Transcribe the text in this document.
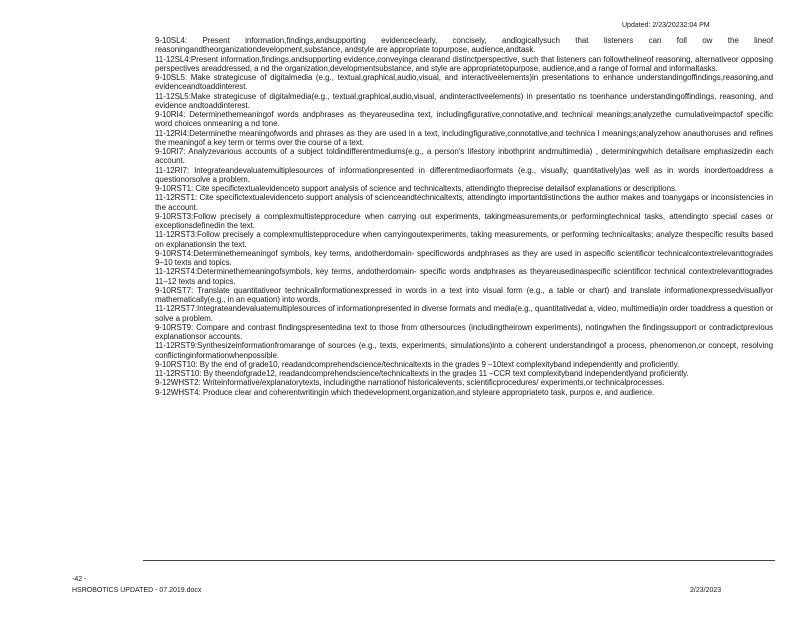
Updated: 2/23/20232:04 PM

9-10SL4: Present information,findings,andsupporting evidenceclearly, concisely, andlogicallysuch that listeners can foll ow the lineof reasoningandtheorganizationdevelopment,substance, andstyle are appropriate topurpose, audience,andtask.

11-12SL4:Present information,findings,andsupporting evidence,conveyinga clearand distinctperspective, such that listeners can followthelineof reasoning, alternativeor opposing perspectives areaddressed, a nd the organization,developmentsubstance, and style are appropriatetopurpose, audience,and a range of formal and informaltasks.

9-10SL5: Make strategicuse of digitalmedia (e.g., textual,graphical,audio,visual, and interactiveelements)in presentations to enhance understandingoffindings,reasoning,and evidenceandtoaddinterest.

11-12SL5:Make strategicuse of digitalmedia(e.g., textual,graphical,audio,visual, andinteractiveelements) in presentatio ns toenhance understandingoffindings, reasoning, and evidence andtoaddinterest.

9-10RI4: Determinethemeaningof words andphrases as theyareusedina text, includingfigurative,connotative,and technical meanings;analyzethe cumulativeimpactof specific word choices onmeaning a nd tone.

11-12RI4:Determinethe meaningofwords and phrases as they are used in a text, includingfigurative,connotative,and technica l meanings;analyzehow anauthoruses and refines the meaningof a key term or terms over the course of a text.

9-10RI7: Analyzevarious accounts of a subject toldindifferentmediums(e.g., a person's lifestory inbothprint andmultimedia) , determiningwhich detailsare emphasizedin each account.

11-12RI7: Integrateandevaluatemultiplesources of informationpresented in differentmediaorformats (e.g., visually, quantitatively)as well as in words inordertoaddress a questionorsolve a problem.

9-10RST1: Cite specifictextualevidenceto support analysis of science and technicaltexts, attendingto theprecise detailsof explanations or descriptions.

11-12RST1: Cite specifictextualevidenceto support analysis of scienceandtechnicaltexts, attendingto importantdistinctions the author makes and toanygaps or inconsistencies in the account.

9-10RST3:Follow precisely a complexmultistepprocedure when carrying out experiments, takingmeasurements,or performingtechnical tasks, attendingto special cases or exceptionsdefinedin the text.

11-12RST3:Follow precisely a complexmultistepprocedure when carryingoutexperiments, taking measurements, or performing technicaltasks; analyze thespecific results based on explanationsin the text.

9-10RST4:Determinethemeaningof symbols, key terms, andotherdomain- specificwords andphrases as they are used in aspecific scientificor technicalcontextrelevanttogrades 9–10 texts and topics.

11-12RST4:Determinethemeaningofsymbols, key terms, andotherdomain- specific words andphrases as theyareusedinaspecific scientificor technical contextrelevanttogrades 11–12 texts and topics.

9-10RST7: Translate quantitativeor technicalinformationexpressed in words in a text into visual form (e.g., a table or chart) and translate informationexpressedvisuallyor mathematically(e.g., in an equation) into words.

11-12RST7:Integrateandevaluatemultiplesources of informationpresented in diverse formats and media(e.g., quantitativedat a, video, multimedia)in order toaddress a question or solve a problem.

9-10RST9: Compare and contrast findingspresentedina text to those from othersources (includingtheirown experiments), notingwhen the findingssupport or contradictprevious explanationsor accounts.

11-12RST9:Synthesizeinformationfromarange of sources (e.g., texts, experiments, simulations)into a coherent understandingof a process, phenomenon,or concept, resolving conflictinginformationwhenpossible.

9-10RST10: By the end of grade10, readandcomprehendscience/technicaltexts in the grades 9 –10text complexityband independently and proficiently.

11-12RST10: By theendofgrade12, readandcomprehendscience/technicaltexts in the grades 11 –CCR text complexityband independentlyand proficiently.

9-12WHST2: Writeinformative/explanatorytexts, includingthe narrationof historicalevents, scientificprocedures/ experiments,or technicalprocesses.

9-12WHST4: Produce clear and coherentwritingin which thedevelopment,organization,and styleare appropriateto task, purpos e, and audience.

-42 -
HSROBOTICS UPDATED - 07.2019.docx	2/23/2023
